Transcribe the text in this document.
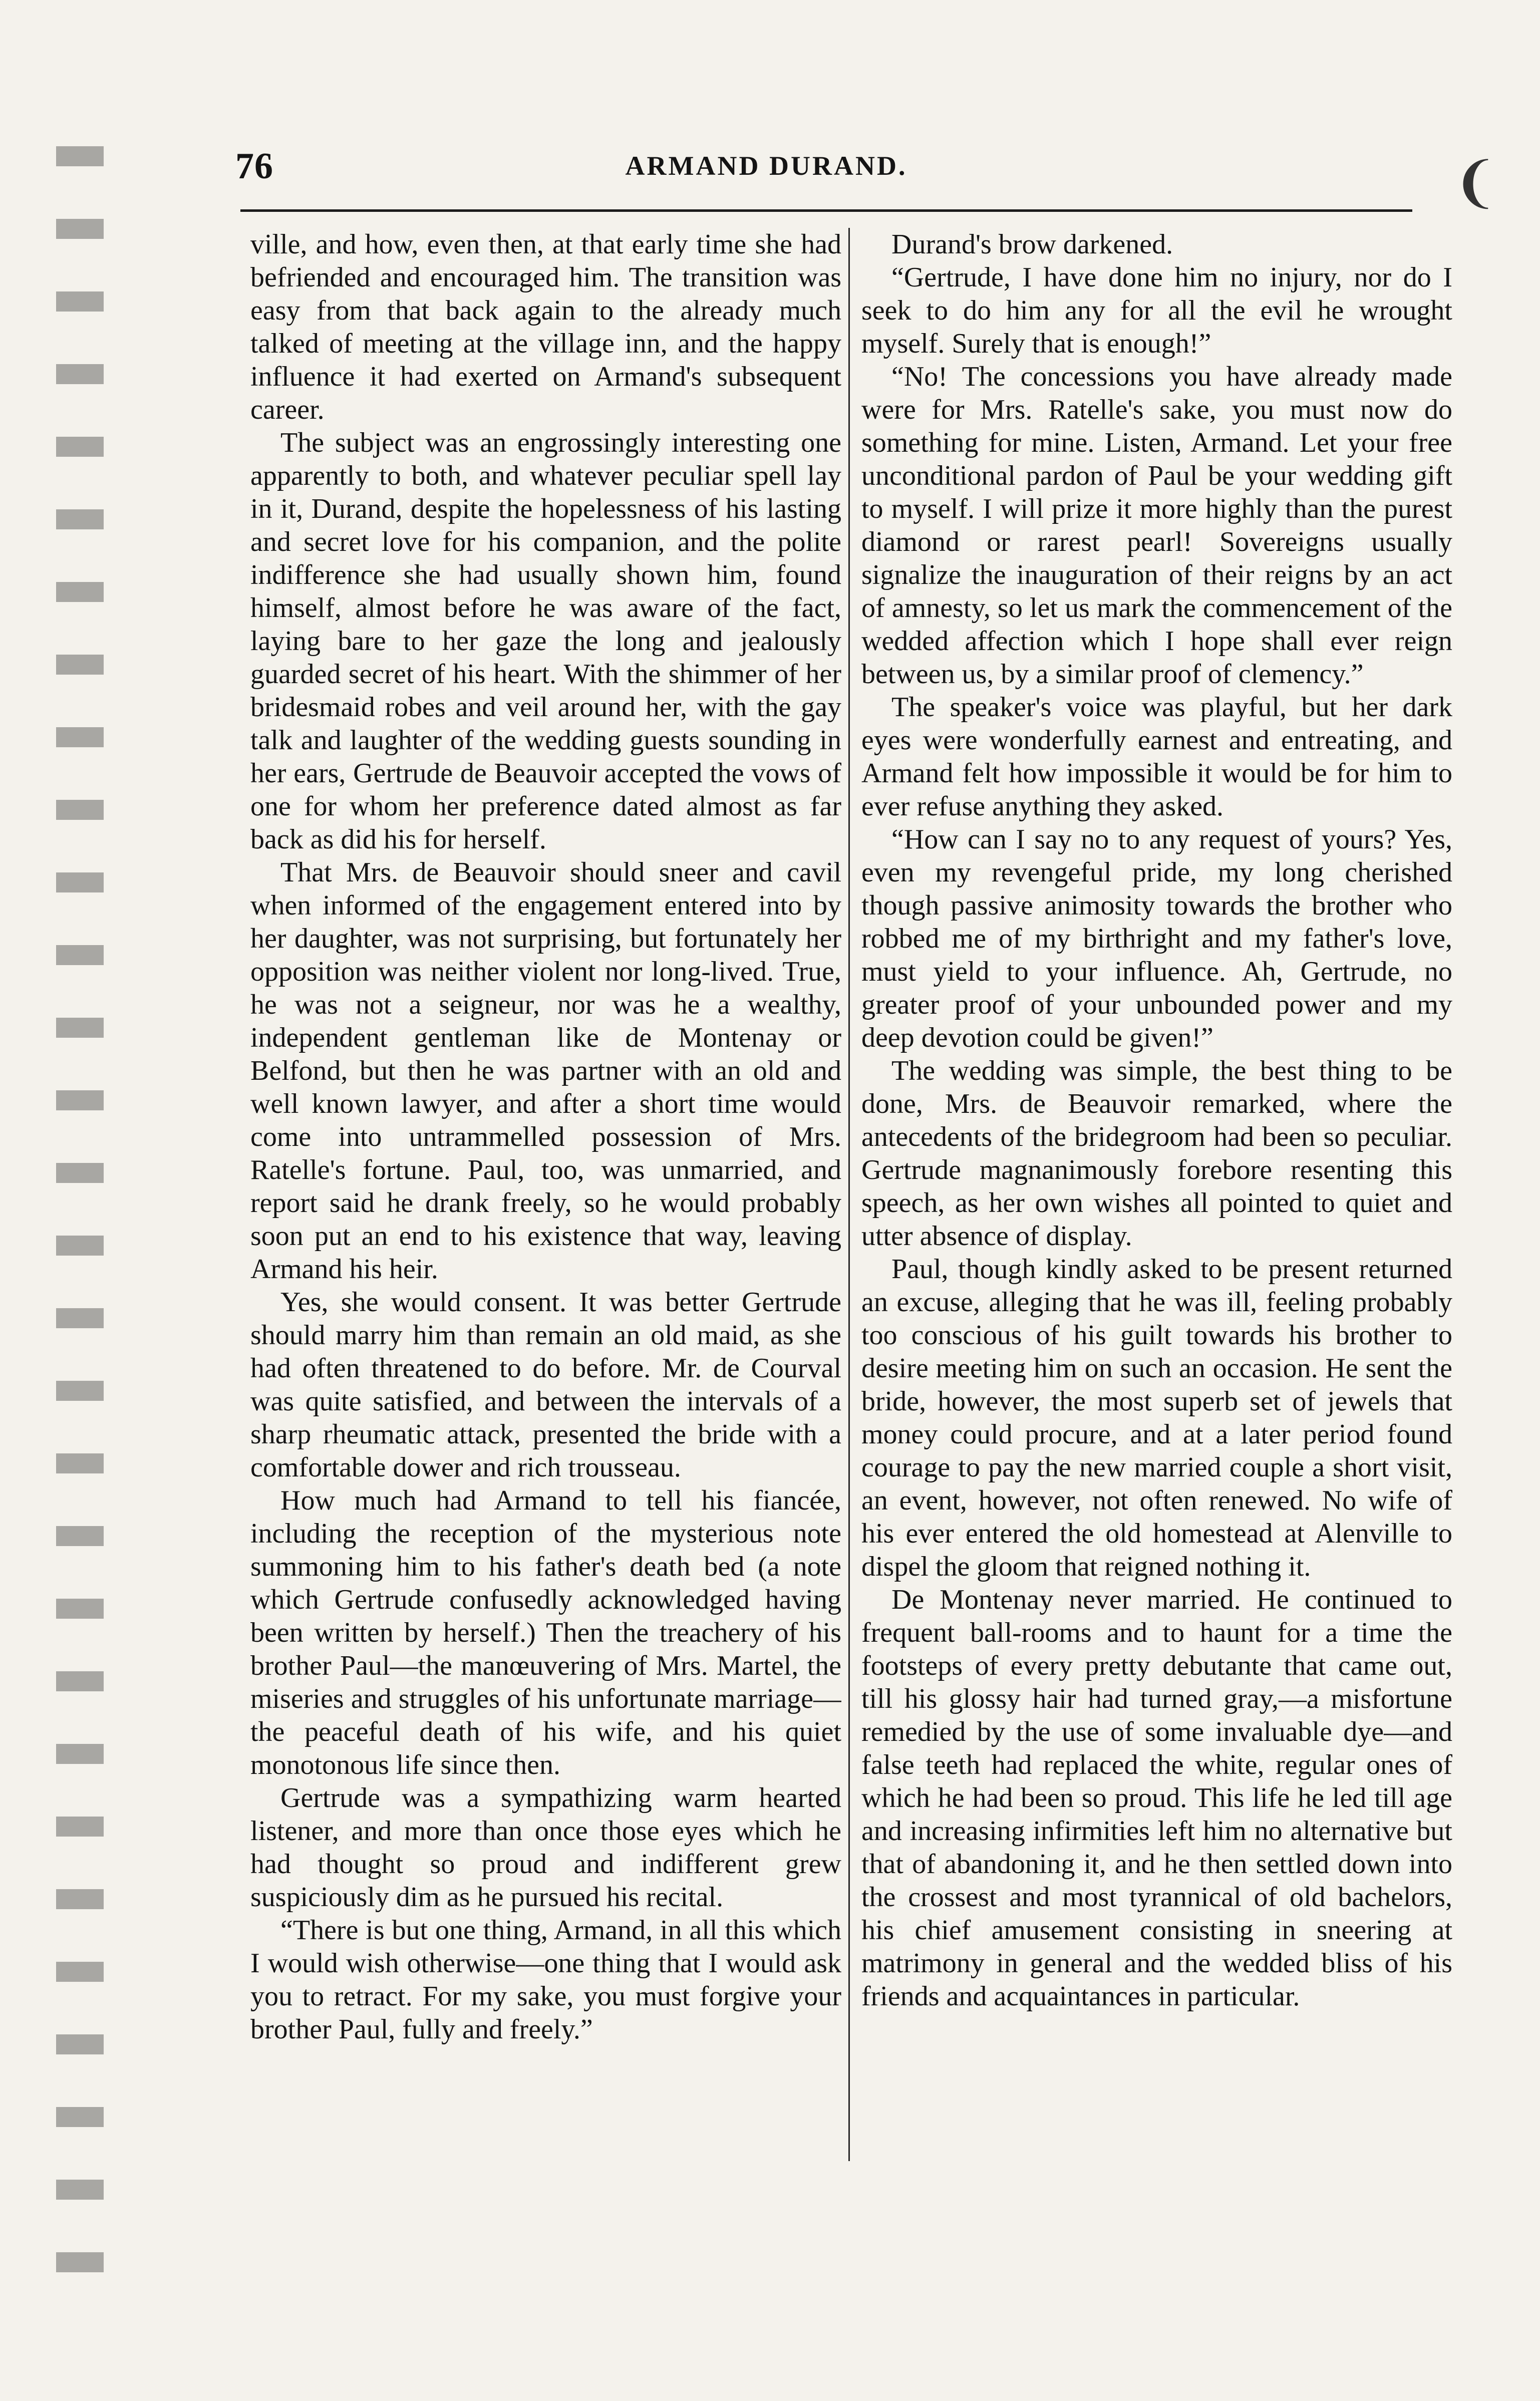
76	ARMAND DURAND.	❨

ville, and how, even then, at that early time she had befriended and encouraged him. The transition was easy from that back again to the already much talked of meeting at the village inn, and the happy influence it had exerted on Armand's subsequent career.

The subject was an engrossingly interesting one apparently to both, and whatever peculiar spell lay in it, Durand, despite the hopelessness of his lasting and secret love for his companion, and the polite indifference she had usually shown him, found himself, almost before he was aware of the fact, laying bare to her gaze the long and jealously guarded secret of his heart. With the shimmer of her bridesmaid robes and veil around her, with the gay talk and laughter of the wedding guests sounding in her ears, Gertrude de Beauvoir accepted the vows of one for whom her preference dated almost as far back as did his for herself.

That Mrs. de Beauvoir should sneer and cavil when informed of the engagement entered into by her daughter, was not surprising, but fortunately her opposition was neither violent nor long-lived. True, he was not a seigneur, nor was he a wealthy, independent gentleman like de Montenay or Belfond, but then he was partner with an old and well known lawyer, and after a short time would come into untrammelled possession of Mrs. Ratelle's fortune. Paul, too, was unmarried, and report said he drank freely, so he would probably soon put an end to his existence that way, leaving Armand his heir.

Yes, she would consent. It was better Gertrude should marry him than remain an old maid, as she had often threatened to do before. Mr. de Courval was quite satisfied, and between the intervals of a sharp rheumatic attack, presented the bride with a comfortable dower and rich trousseau.

How much had Armand to tell his fiancée, including the reception of the mysterious note summoning him to his father's death bed (a note which Gertrude confusedly acknowledged having been written by herself.) Then the treachery of his brother Paul—the manœuvering of Mrs. Martel, the miseries and struggles of his unfortunate marriage—the peaceful death of his wife, and his quiet monotonous life since then.

Gertrude was a sympathizing warm hearted listener, and more than once those eyes which he had thought so proud and indifferent grew suspiciously dim as he pursued his recital.

“There is but one thing, Armand, in all this which I would wish otherwise—one thing that I would ask you to retract. For my sake, you must forgive your brother Paul, fully and freely.”

Durand's brow darkened.

“Gertrude, I have done him no injury, nor do I seek to do him any for all the evil he wrought myself. Surely that is enough!”

“No! The concessions you have already made were for Mrs. Ratelle's sake, you must now do something for mine. Listen, Armand. Let your free unconditional pardon of Paul be your wedding gift to myself. I will prize it more highly than the purest diamond or rarest pearl! Sovereigns usually signalize the inauguration of their reigns by an act of amnesty, so let us mark the commencement of the wedded affection which I hope shall ever reign between us, by a similar proof of clemency.”

The speaker's voice was playful, but her dark eyes were wonderfully earnest and entreating, and Armand felt how impossible it would be for him to ever refuse anything they asked.

“How can I say no to any request of yours? Yes, even my revengeful pride, my long cherished though passive animosity towards the brother who robbed me of my birthright and my father's love, must yield to your influence. Ah, Gertrude, no greater proof of your unbounded power and my deep devotion could be given!”

The wedding was simple, the best thing to be done, Mrs. de Beauvoir remarked, where the antecedents of the bridegroom had been so peculiar. Gertrude magnanimously forebore resenting this speech, as her own wishes all pointed to quiet and utter absence of display.

Paul, though kindly asked to be present returned an excuse, alleging that he was ill, feeling probably too conscious of his guilt towards his brother to desire meeting him on such an occasion. He sent the bride, however, the most superb set of jewels that money could procure, and at a later period found courage to pay the new married couple a short visit, an event, however, not often renewed. No wife of his ever entered the old homestead at Alenville to dispel the gloom that reigned nothing it.

De Montenay never married. He continued to frequent ball-rooms and to haunt for a time the footsteps of every pretty debutante that came out, till his glossy hair had turned gray,—a misfortune remedied by the use of some invaluable dye—and false teeth had replaced the white, regular ones of which he had been so proud. This life he led till age and increasing infirmities left him no alternative but that of abandoning it, and he then settled down into the crossest and most tyrannical of old bachelors, his chief amusement consisting in sneering at matrimony in general and the wedded bliss of his friends and acquaintances in particular.
